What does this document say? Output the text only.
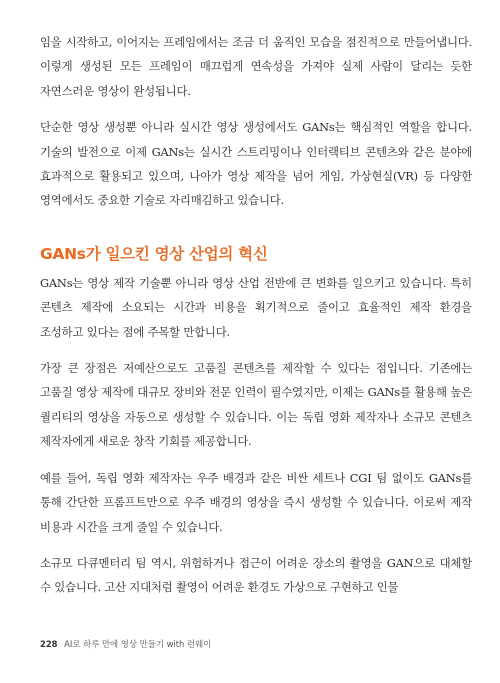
임을 시작하고, 이어지는 프레임에서는 조금 더 움직인 모습을 점진적으로 만들어냅니다. 이렇게 생성된 모든 프레임이 매끄럽게 연속성을 가져야 실제 사람이 달리는 듯한 자연스러운 영상이 완성됩니다.

단순한 영상 생성뿐 아니라 실시간 영상 생성에서도 GANs는 핵심적인 역할을 합니다. 기술의 발전으로 이제 GANs는 실시간 스트리밍이나 인터랙티브 콘텐츠와 같은 분야에 효과적으로 활용되고 있으며, 나아가 영상 제작을 넘어 게임, 가상현실(VR) 등 다양한 영역에서도 중요한 기술로 자리매김하고 있습니다.

GANs가 일으킨 영상 산업의 혁신

GANs는 영상 제작 기술뿐 아니라 영상 산업 전반에 큰 변화를 일으키고 있습니다. 특히 콘텐츠 제작에 소요되는 시간과 비용을 획기적으로 줄이고 효율적인 제작 환경을 조성하고 있다는 점에 주목할 만합니다.

가장 큰 장점은 저예산으로도 고품질 콘텐츠를 제작할 수 있다는 점입니다. 기존에는 고품질 영상 제작에 대규모 장비와 전문 인력이 필수였지만, 이제는 GANs를 활용해 높은 퀄리티의 영상을 자동으로 생성할 수 있습니다. 이는 독립 영화 제작자나 소규모 콘텐츠 제작자에게 새로운 창작 기회를 제공합니다.

예를 들어, 독립 영화 제작자는 우주 배경과 같은 비싼 세트나 CGI 팀 없이도 GANs를 통해 간단한 프롬프트만으로 우주 배경의 영상을 즉시 생성할 수 있습니다. 이로써 제작 비용과 시간을 크게 줄일 수 있습니다.

소규모 다큐멘터리 팀 역시, 위험하거나 접근이 어려운 장소의 촬영을 GAN으로 대체할 수 있습니다. 고산 지대처럼 촬영이 어려운 환경도 가상으로 구현하고 인물

228 AI로 하루 만에 영상 만들기 with 런웨이
